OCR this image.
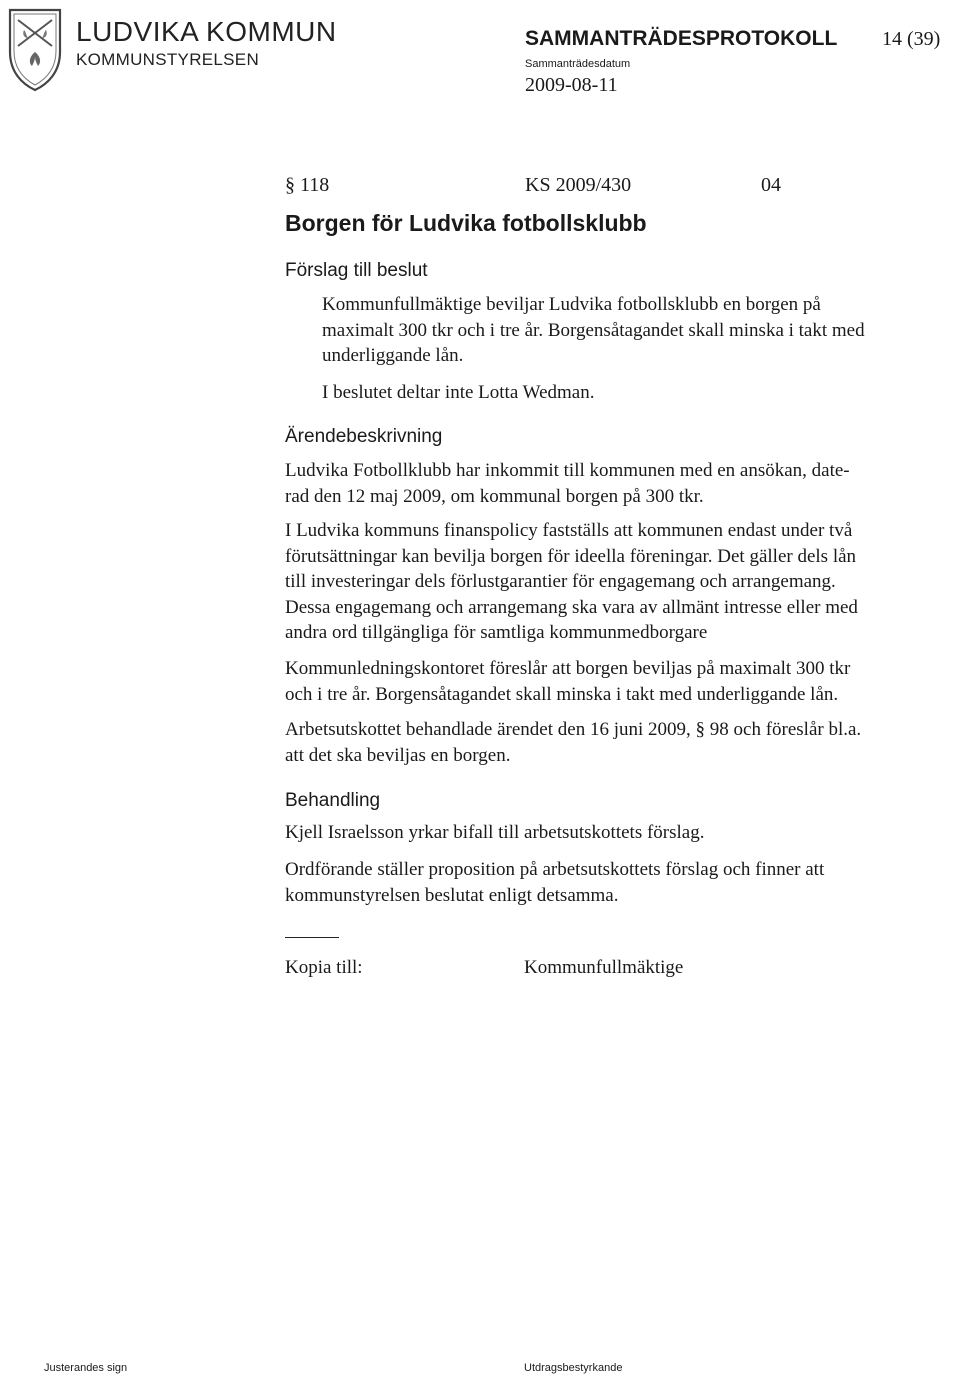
LUDVIKA KOMMUN
KOMMUNSTYRELSEN
SAMMANTRÄDESPROTOKOLL 14 (39)
Sammanträdesdatum
2009-08-11
§ 118	KS 2009/430	04
Borgen för Ludvika fotbollsklubb
Förslag till beslut

Kommunfullmäktige beviljar Ludvika fotbollsklubb en borgen på

maximalt 300 tkr och i tre år. Borgensåtagandet skall minska i takt med

underliggande lån.

I beslutet deltar inte Lotta Wedman.
Ärendebeskrivning

Ludvika Fotbollklubb har inkommit till kommunen med en ansökan, date-

rad den 12 maj 2009, om kommunal borgen på 300 tkr.

I Ludvika kommuns finanspolicy fastställs att kommunen endast under två

förutsättningar kan bevilja borgen för ideella föreningar. Det gäller dels lån

till investeringar dels förlustgarantier för engagemang och arrangemang.

Dessa engagemang och arrangemang ska vara av allmänt intresse eller med

andra ord tillgängliga för samtliga kommunmedborgare

Kommunledningskontoret föreslår att borgen beviljas på maximalt 300 tkr

och i tre år. Borgensåtagandet skall minska i takt med underliggande lån.

Arbetsutskottet behandlade ärendet den 16 juni 2009, § 98 och föreslår bl.a.

att det ska beviljas en borgen.

Behandling
Kjell Israelsson yrkar bifall till arbetsutskottets förslag.

Ordförande ställer proposition på arbetsutskottets förslag och finner att

kommunstyrelsen beslutat enligt detsamma.

Kopia till:	Kommunfullmäktige
Justerandes sign	Utdragsbestyrkande
